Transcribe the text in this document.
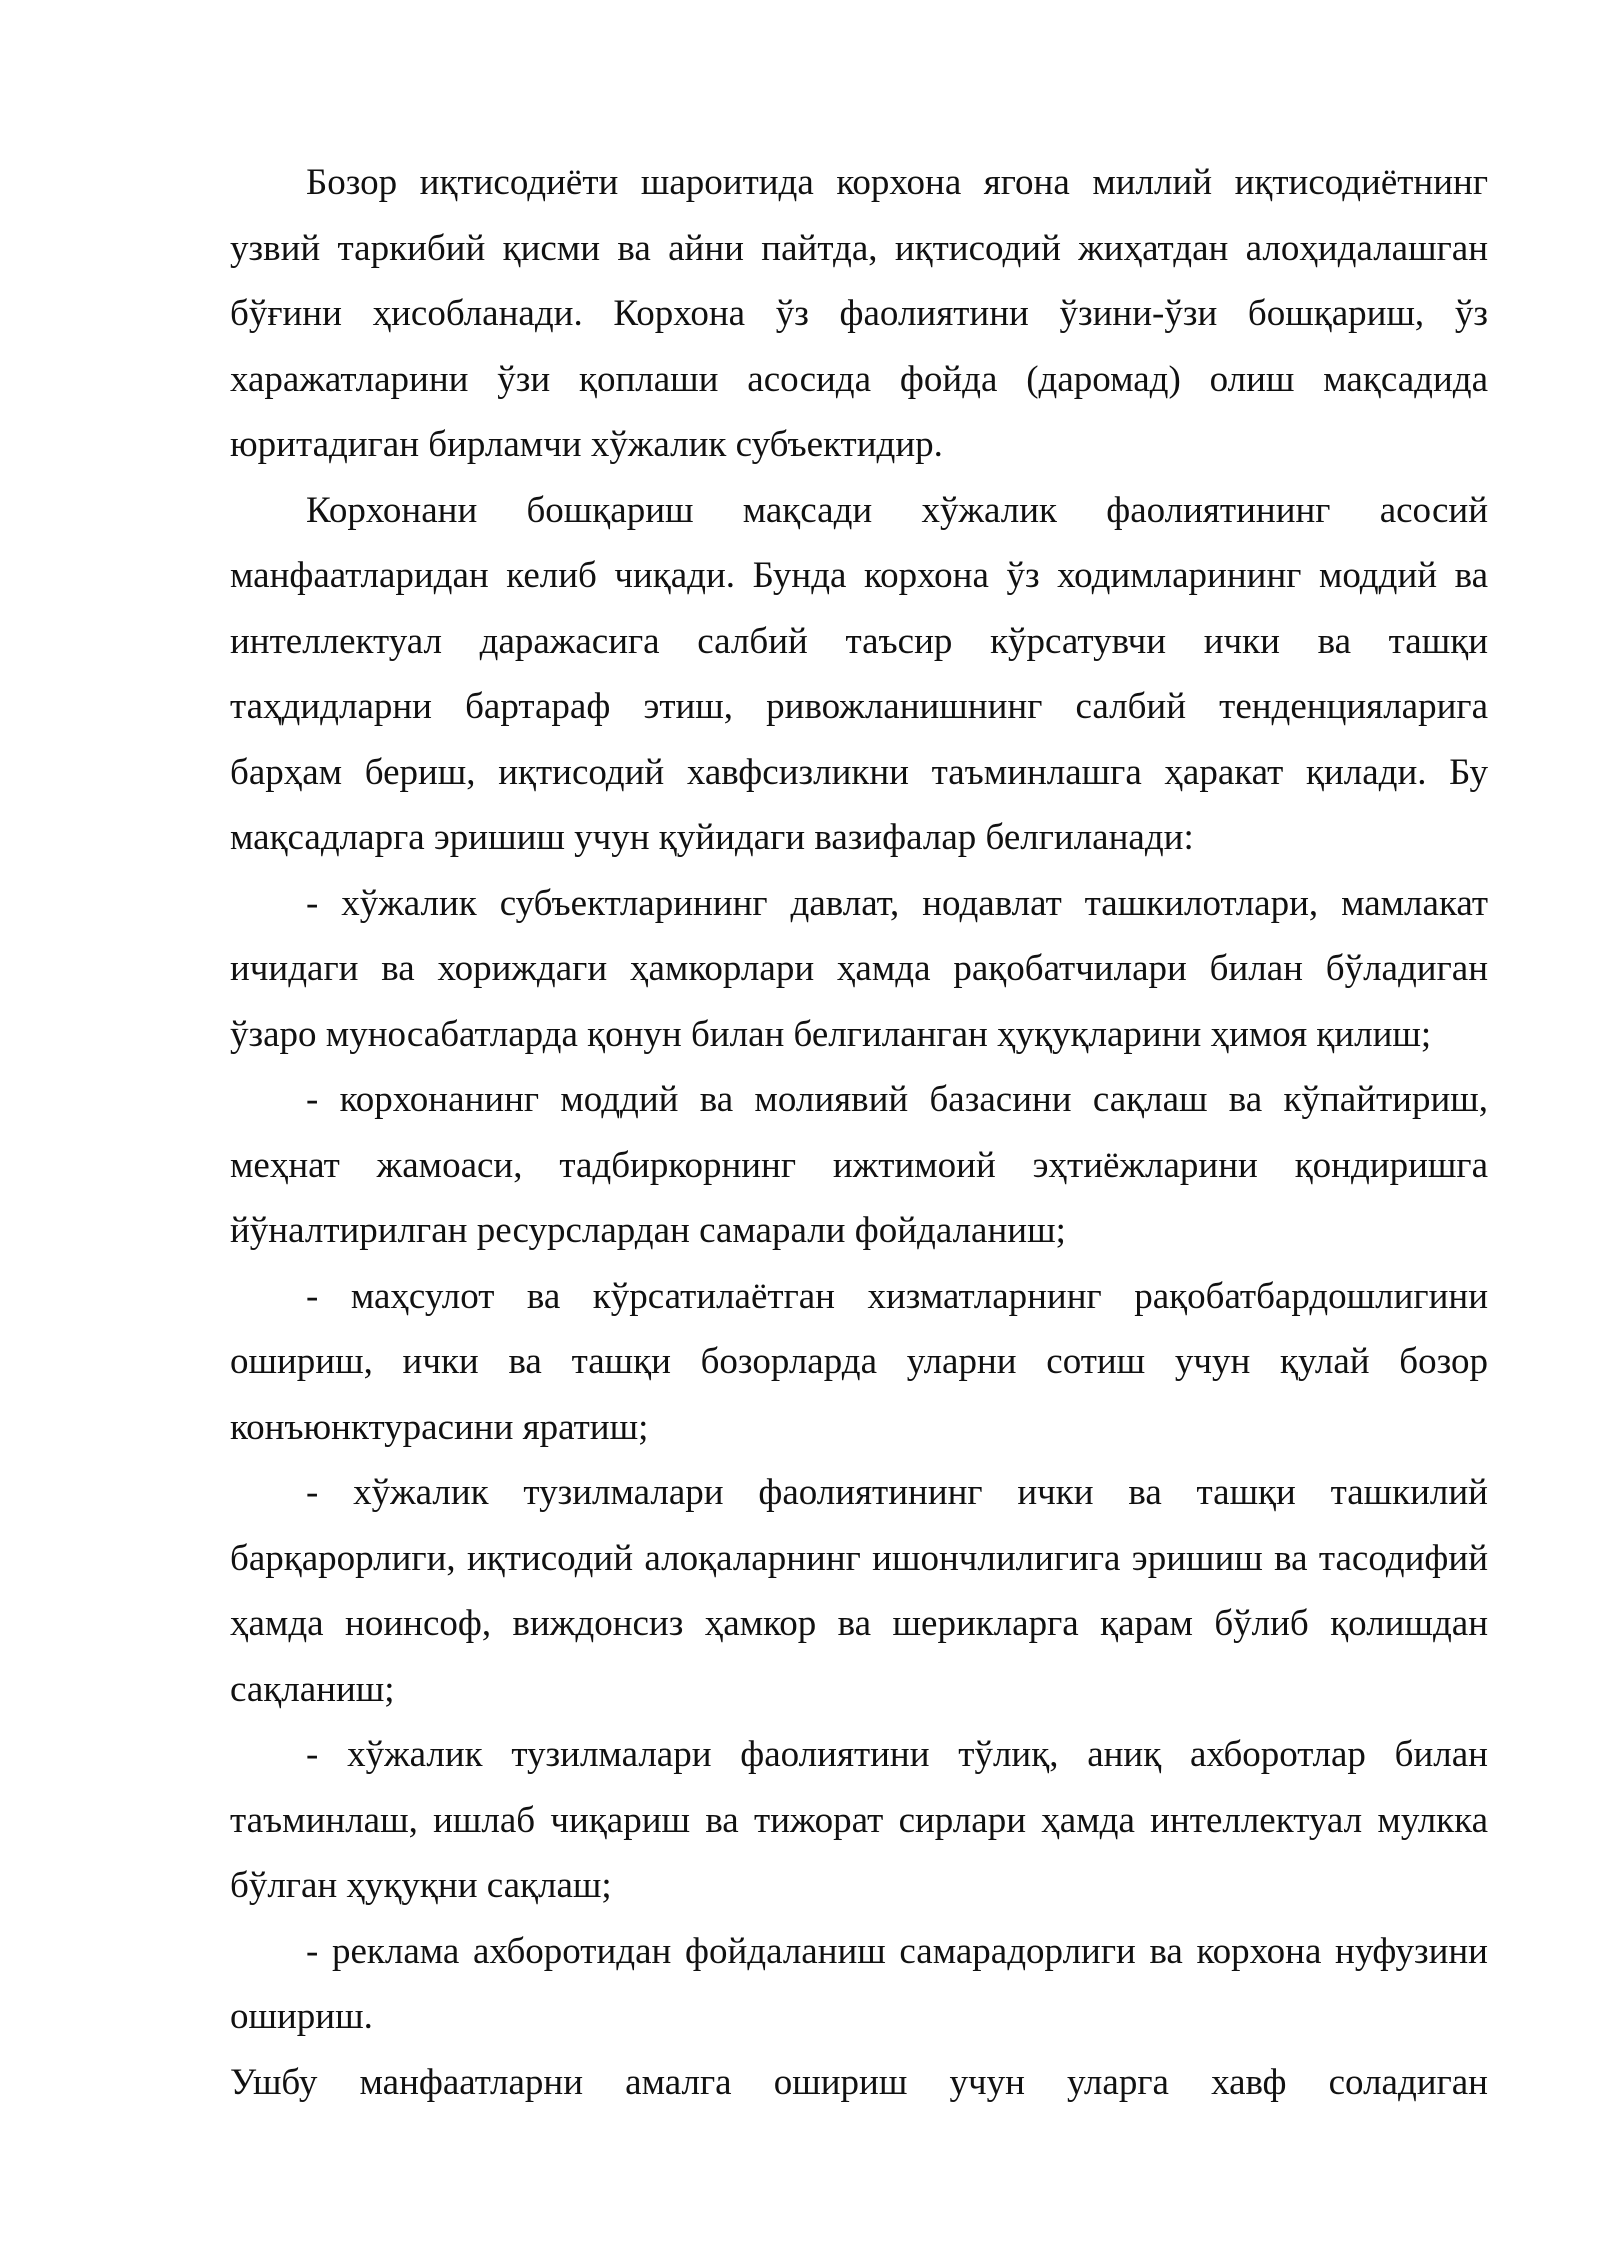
Бозор иқтисодиёти шароитида корхона ягона миллий иқтисодиётнинг узвий таркибий қисми ва айни пайтда, иқтисодий жиҳатдан алоҳидалашган бўғини ҳисобланади. Корхона ўз фаолиятини ўзини-ўзи бошқариш, ўз харажатларини ўзи қоплаши асосида фойда (даромад) олиш мақсадида юритадиган бирламчи хўжалик субъектидир.

Корхонани бошқариш мақсади хўжалик фаолиятининг асосий манфаатларидан келиб чиқади. Бунда корхона ўз ходимларининг моддий ва интеллектуал даражасига салбий таъсир кўрсатувчи ички ва ташқи таҳдидларни бартараф этиш, ривожланишнинг салбий тенденцияларига барҳам бериш, иқтисодий хавфсизликни таъминлашга ҳаракат қилади. Бу мақсадларга эришиш учун қуйидаги вазифалар белгиланади:

- хўжалик субъектларининг давлат, нодавлат ташкилотлари, мамлакат ичидаги ва хориждаги ҳамкорлари ҳамда рақобатчилари билан бўладиган ўзаро муносабатларда қонун билан белгиланган ҳуқуқларини ҳимоя қилиш;

- корхонанинг моддий ва молиявий базасини сақлаш ва кўпайтириш, меҳнат жамоаси, тадбиркорнинг ижтимоий эҳтиёжларини қондиришга йўналтирилган ресурслардан самарали фойдаланиш;

- маҳсулот ва кўрсатилаётган хизматларнинг рақобатбардошлигини ошириш, ички ва ташқи бозорларда уларни сотиш учун қулай бозор конъюнктурасини яратиш;

- хўжалик тузилмалари фаолиятининг ички ва ташқи ташкилий барқарорлиги, иқтисодий алоқаларнинг ишончлилигига эришиш ва тасодифий ҳамда ноинсоф, виждонсиз ҳамкор ва шерикларга қарам бўлиб қолишдан сақланиш;

- хўжалик тузилмалари фаолиятини тўлиқ, аниқ ахборотлар билан таъминлаш, ишлаб чиқариш ва тижорат сирлари ҳамда интеллектуал мулкка бўлган ҳуқуқни сақлаш;

- реклама ахборотидан фойдаланиш самарадорлиги ва корхона нуфузини ошириш.

Ушбу манфаатларни амалга ошириш учун уларга хавф соладиган
